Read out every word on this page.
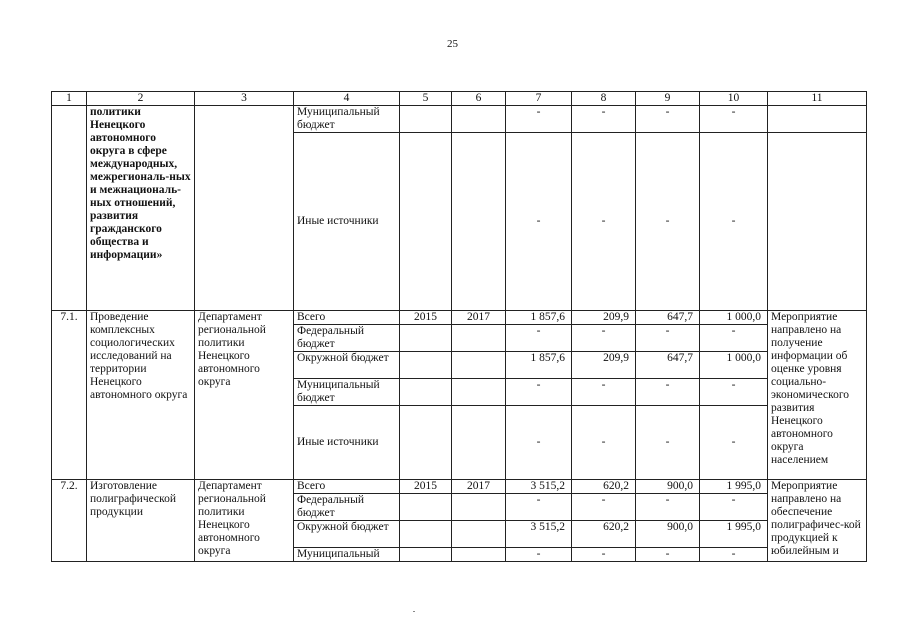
25
1	2	3	4	5	6	7	8	9	10	11
	политики Ненецкого автономного округа в сфере международных, межрегиональ-ных и межнациональ-ных отношений, развития гражданского общества и информации»		Муниципальный бюджет			-	-	-	-	
			Иные источники			-	-	-	-	
7.1.	Проведение комплексных социологических исследований на территории Ненецкого автономного округа	Департамент региональной политики Ненецкого автономного округа	Всего	2015	2017	1 857,6	209,9	647,7	1 000,0	Мероприятие направлено на получение информации об оценке уровня социально-экономического развития Ненецкого автономного округа населением
			Федеральный бюджет			-	-	-	-	
			Окружной бюджет			1 857,6	209,9	647,7	1 000,0	
			Муниципальный бюджет			-	-	-	-	
			Иные источники			-	-	-	-	
7.2.	Изготовление полиграфической продукции	Департамент региональной политики Ненецкого автономного округа	Всего	2015	2017	3 515,2	620,2	900,0	1 995,0	Мероприятие направлено на обеспечение полиграфичес-кой продукцией к юбилейным и
			Федеральный бюджет			-	-	-	-	
			Окружной бюджет			3 515,2	620,2	900,0	1 995,0	
			Муниципальный			-	-	-	-	
